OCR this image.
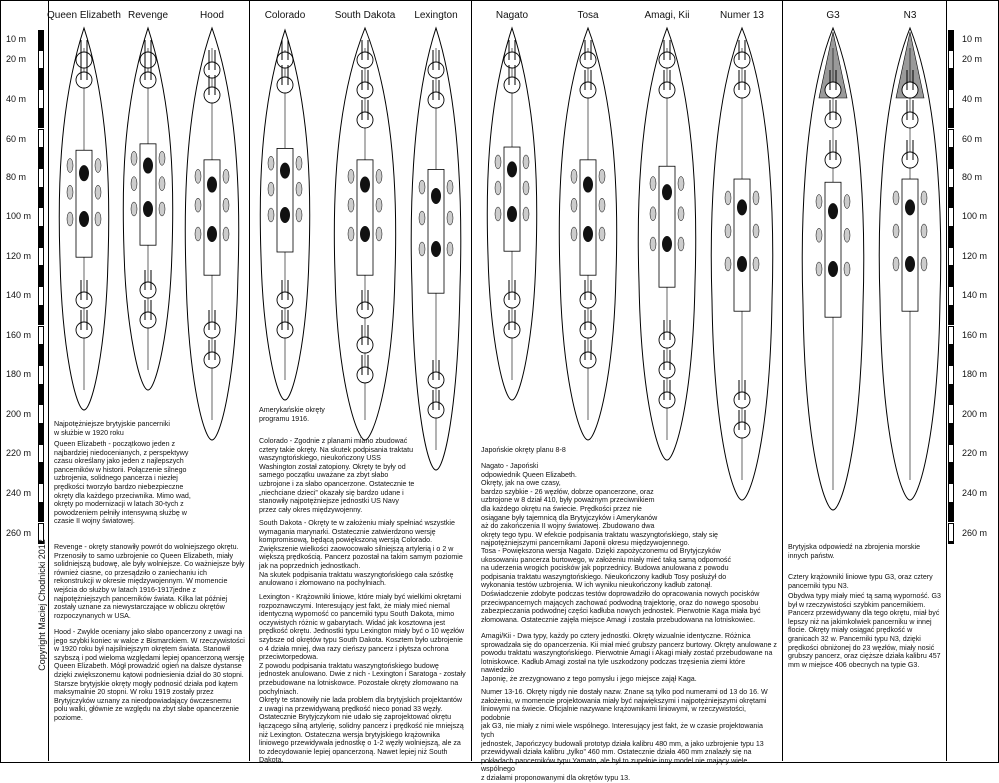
10 m
20 m
40 m
60 m
80 m
100 m
120 m
140 m
160 m
180 m
200 m
220 m
240 m
260 m
10 m
20 m
40 m
60 m
80 m
100 m
120 m
140 m
160 m
180 m
200 m
220 m
240 m
260 m
Copyright Maciej Chodnicki 2012
Queen Elizabeth Revenge	Hood	Colorado	South Dakota Lexington	Nagato	Tosa	Amagi, Kii	Numer 13	G3	N3
Najpotężniejsze brytyjskie pancerniki w służbie w 1920 roku
Queen Elizabeth - początkowo jeden z najbardziej niedocenianych, z perspektywy czasu określany jako jeden z najlepszych pancerników w historii. Połączenie silnego uzbrojenia, solidnego pancerza i niezłej prędkości tworzyło bardzo niebezpieczne okręty dla każdego przeciwnika. Mimo wad, okręty po modernizacji w latach 30-tych z powodzeniem pełniły intensywną służbę w czasie II wojny światowej.
Revenge - okręty stanowiły powrót do wolniejszego okrętu. Przenosiły to samo uzbrojenie co Queen Elizabeth, miały solidniejszą budowę, ale były wolniejsze. Co ważniejsze były również ciasne, co przesądziło o zaniechaniu ich rekonstrukcji w okresie międzywojennym. W momencie wejścia do służby w latach 1916-1917jedne z najpotężniejszych pancerników świata. Kilka lat później zostały uznane za niewystarczające w obliczu okrętów rozpoczynanych w USA.
Hood - Zwykle oceniany jako słabo opancerzony z uwagi na jego szybki koniec w walce z Bismarckiem. W rzeczywistości w 1920 roku był najsilniejszym okrętem świata. Stanowił szybszą i pod wieloma względami lepiej opancerzoną wersję Queen Elizabeth. Mógł prowadzić ogień na dalsze dystanse dzięki zwiększonemu kątowi podniesienia dział do 30 stopni. Starsze brytyjskie okręty mogły podnosić działa pod kątem maksymalnie 20 stopni. W roku 1919 zostały przez Brytyjczyków uznany za nieodpowiadający ówczesnemu polu walki, głównie ze względu na zbyt słabe opancerzenie poziome.
Amerykańskie okręty
programu 1916.
Colorado - Zgodnie z planami miano zbudować cztery takie okręty. Na skutek podpisania traktatu waszyngtońskiego, nieukończony USS Washington został zatopiony. Okręty te były od samego początku uważane za zbyt słabo uzbrojone i za słabo opancerzone. Ostatecznie te „niechciane dzieci” okazały się bardzo udane i stanowiły najpotężniejsze jednostki US Navy przez cały okres międzywojenny.
South Dakota - Okręty te w założeniu miały spełniać wszystkie wymagania marynarki. Ostatecznie zatwierdzono wersję kompromisową, będącą powiększoną wersją Colorado. Zwiększenie wielkości zaowocowało silniejszą artylerią i o 2 w większą prędkością. Pancerz pozostał na takim samym poziomie jak na poprzednich jednostkach.
Na skutek podpisania traktatu waszyngtońskiego cała szóstkę anulowano i złomowano na pochylniach.
Lexington - Krążowniki liniowe, które miały być wielkimi okrętami rozpoznawczymi. Interesujący jest fakt, że miały mieć niemal identyczną wyporność co pancerniki typu South Dakota, mimo oczywistych różnic w gabarytach. Widać jak kosztowna jest prędkość okrętu. Jednostki typu Lexington miały być o 10 węzłów szybsze od okrętów typu South Dakota. Kosztem było uzbrojenie o 4 działa mniej, dwa razy cieńszy pancerz i płytsza ochrona przeciwtorpedowa.
Z powodu podpisania traktatu waszyngtońskiego budowę jednostek anulowano. Dwie z nich - Lexington i Saratoga - zostały przebudowane na lotniskowce. Pozostałe okręty złomowano na pochylniach.
Okręty te stanowiły nie lada problem dla brytyjskich projektantów z uwagi na przewidywaną prędkość nieco ponad 33 węzły. Ostatecznie Brytyjczykom nie udało się zaprojektować okrętu łączącego silną artylerię, solidny pancerz i prędkość nie mniejszą niż Lexington. Ostateczna wersja brytyjskiego krążownika liniowego przewidywała jednostkę o 1-2 węzły wolniejszą, ale za to zdecydowanie lepiej opancerzoną. Nawet lepiej niż South Dakota.
Japońskie okręty planu 8-8
Nagato - Japoński
odpowiednik Queen Elizabeth.
Okręty, jak na owe czasy,
bardzo szybkie - 26 węzłów, dobrze opancerzone, oraz
uzbrojone w 8 dział 410, były poważnym przeciwnikiem
dla każdego okrętu na świecie. Prędkości przez nie
osiągane były tajemnicą dla Brytyjczyków i Amerykanów
aż do zakończenia II wojny światowej. Zbudowano dwa
okręty tego typu. W efekcie podpisania traktatu waszyngtońskiego, stały się
najpotężniejszymi pancernikami Japonii okresu międzywojennego.
Tosa - Powiększona wersja Nagato. Dzięki zapożyczonemu od Brytyjczyków
ukosowaniu pancerza burtowego, w założeniu miały mieć taką samą odporność
na uderzenia wrogich pocisków jak poprzednicy. Budowa anulowana z powodu
podpisania traktatu waszyngtońskiego. Nieukończony kadłub Tosy posłużył do
wykonania testów uzbrojenia. W ich wyniku nieukończony kadłub zatonął.
Doświadczenie zdobyte podczas testów doprowadziło do opracowania nowych pocisków
przeciwpancernych mających zachować podwodną trajektorię, oraz do nowego sposobu
zabezpieczania podwodnej części kadłuba nowych jednostek. Pierwotnie Kaga miała być
złomowana. Ostatecznie zajęła miejsce Amagi i została przebudowana na lotniskowiec.
Amagi/Kii - Dwa typy, każdy po cztery jednostki. Okręty wizualnie identyczne. Różnica
sprowadzała się do opancerzenia. Kii miał mieć grubszy pancerz burtowy. Okręty anulowane z
powodu traktatu waszyngtońskiego. Pierwotnie Amagi i Akagi miały zostać przebudowane na
lotniskowce. Kadłub Amagi został na tyle uszkodzony podczas trzęsienia ziemi które nawiedziło
Japonię, że zrezygnowano z tego pomysłu i jego miejsce zajął Kaga.
Numer 13-16. Okręty nigdy nie dostały nazw. Znane są tylko pod numerami od 13 do 16. W
założeniu, w momencie projektowania miały być największymi i najpotężniejszymi okrętami
liniowymi na świecie. Oficjalnie nazywane krążownikami liniowymi, w rzeczywistości, podobnie
jak G3, nie miały z nimi wiele wspólnego. Interesujący jest fakt, że w czasie projektowania tych
jednostek, Japończycy budowali prototyp działa kalibru 480 mm, a jako uzbrojenie typu 13
przewidywali działa kalibru „tylko” 460 mm. Ostatecznie działa 460 mm znalazły się na
pokładach pancerników typu Yamato, ale był to zupełnie inny model nie mający wiele wspólnego
z działami proponowanymi dla okrętów typu 13.
Brytyjska odpowiedź na zbrojenia morskie innych państw.
Cztery krążowniki liniowe typu G3, oraz cztery pancerniki typu N3.
Obydwa typy miały mieć tą samą wyporność. G3 był w rzeczywistości szybkim pancernikiem. Pancerz przewidywany dla tego okrętu, miał być lepszy niż na jakimkolwiek pancerniku w innej flocie. Okręty miały osiągać prędkość w granicach 32 w. Pancerniki typu N3, dzięki prędkości obniżonej do 23 węzłów, miały nosić grubszy pancerz, oraz cięższe działa kalibru 457 mm w miejsce 406 obecnych na typie G3.
